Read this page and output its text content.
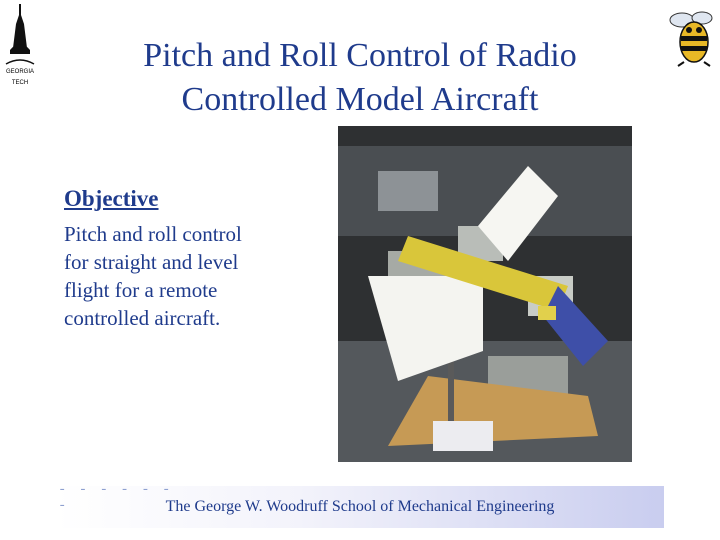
GEORGIA
TECH
Pitch and Roll Control of Radio Controlled Model Aircraft
Objective
Pitch and roll control
for straight and level
flight for a remote
controlled aircraft.
- - - - - - -	The George W. Woodruff School of Mechanical Engineering
